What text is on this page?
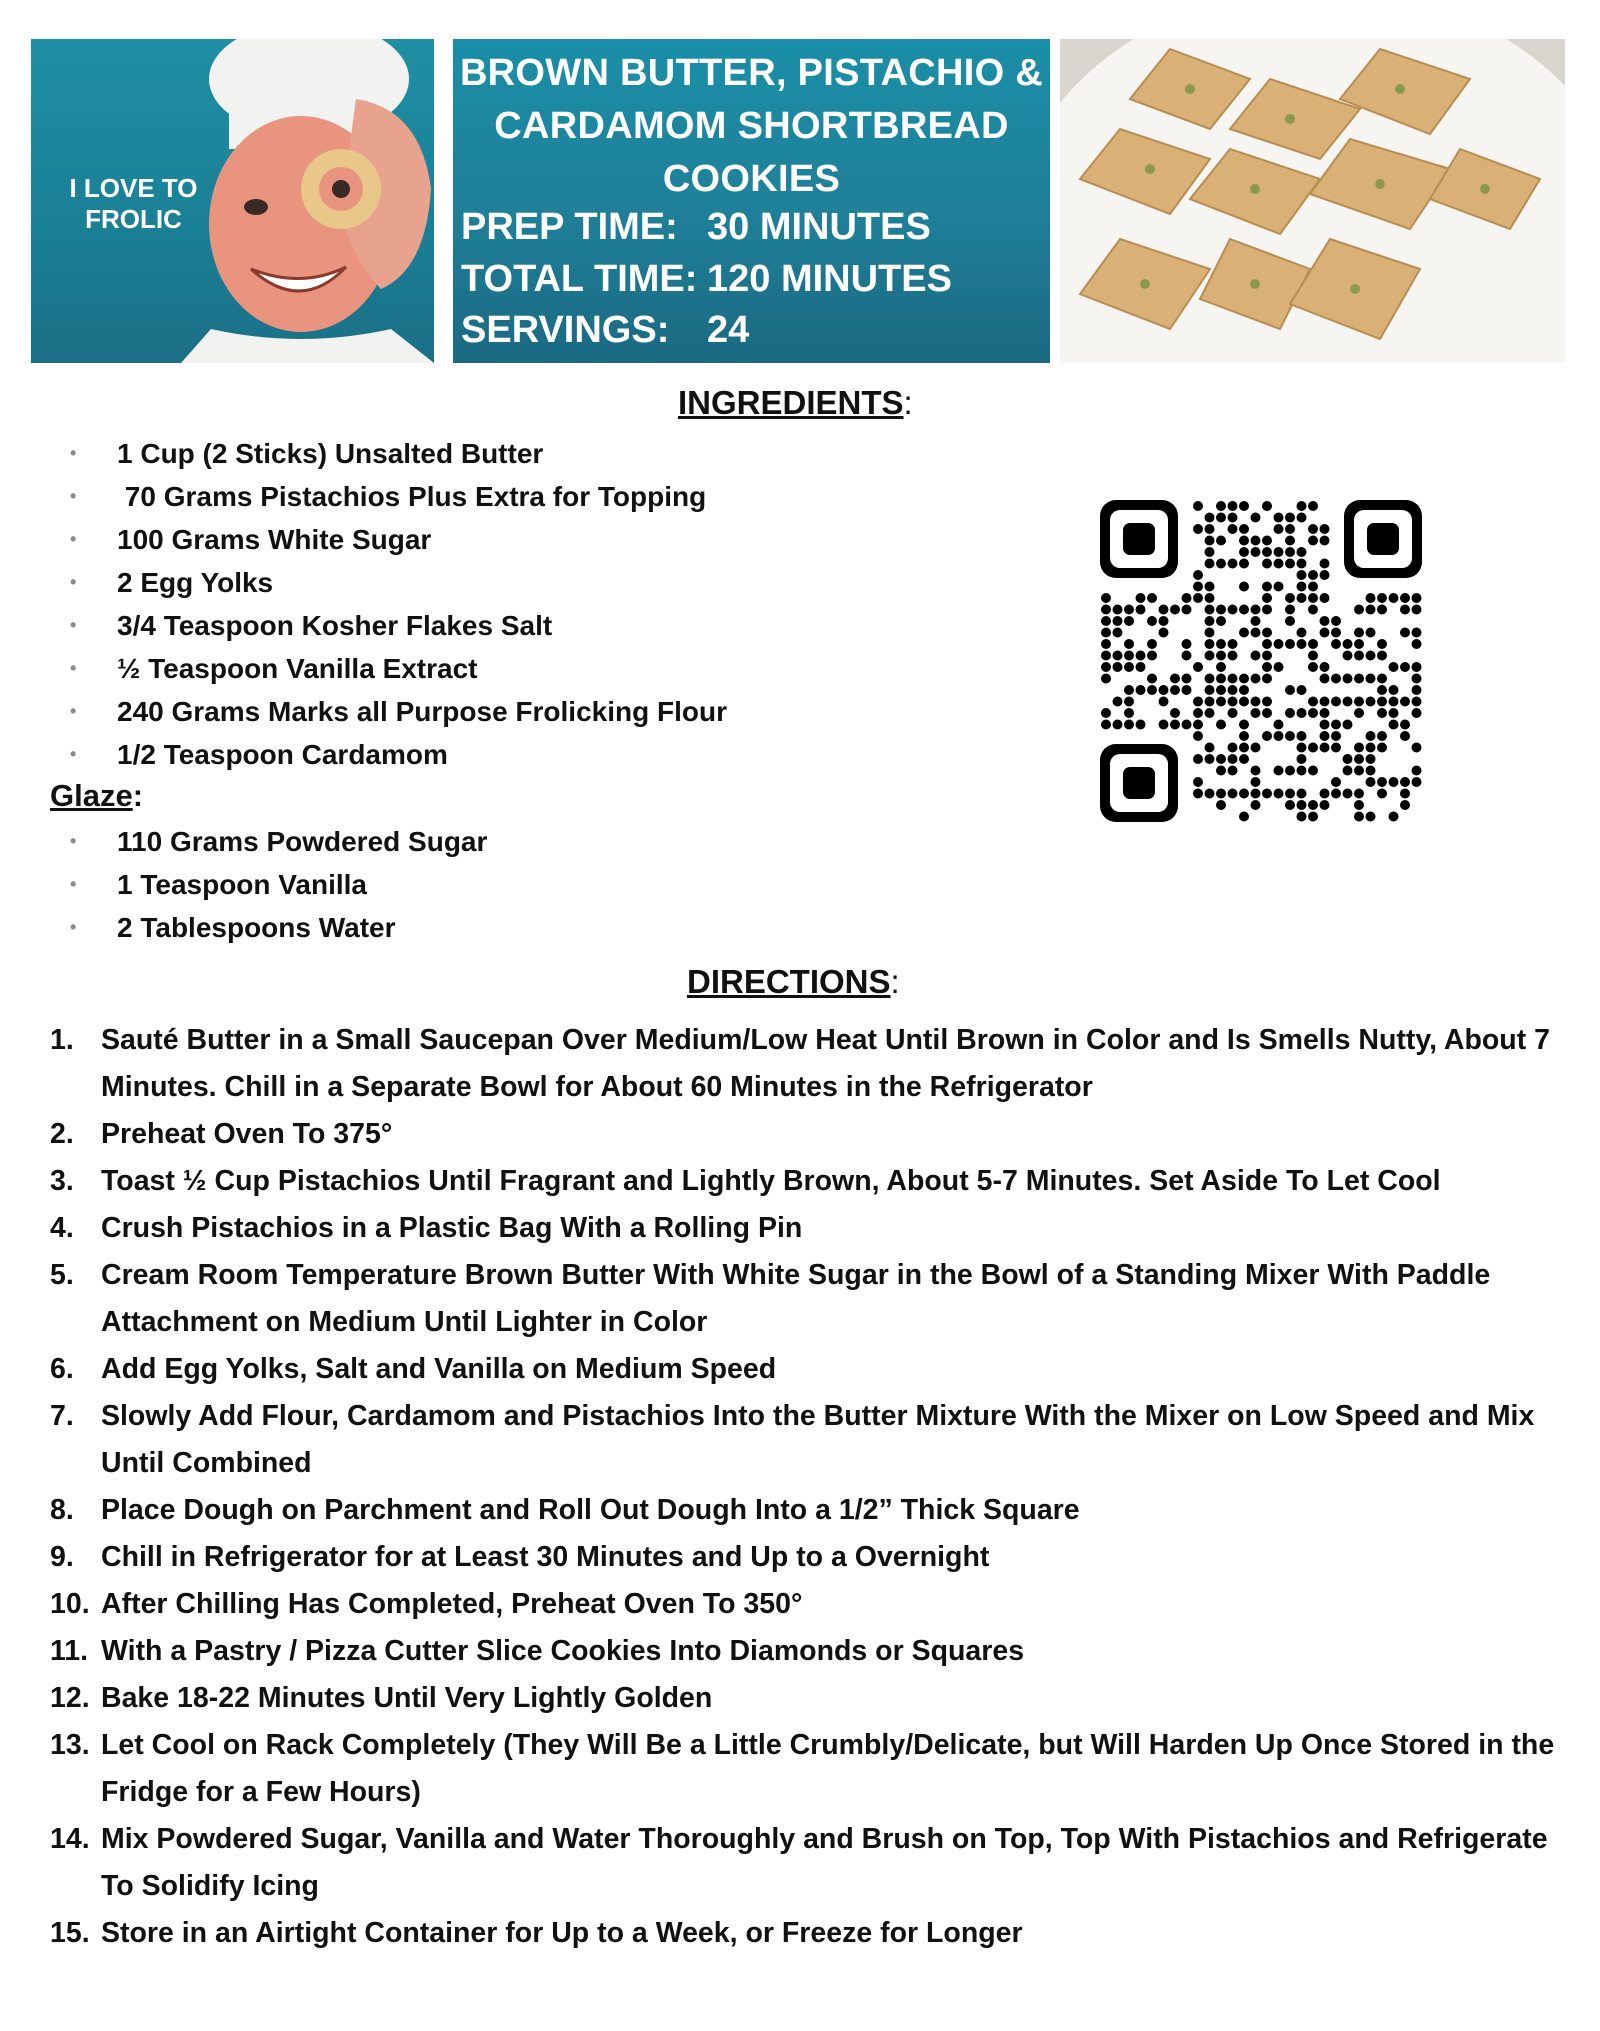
I LOVE TO FROLIC
BROWN BUTTER, PISTACHIO & CARDAMOM SHORTBREAD COOKIES
PREP TIME: 30 MINUTES
TOTAL TIME: 120 MINUTES
SERVINGS: 24
INGREDIENTS:
• 1 Cup (2 Sticks) Unsalted Butter
• 70 Grams Pistachios Plus Extra for Topping
• 100 Grams White Sugar
• 2 Egg Yolks
• 3/4 Teaspoon Kosher Flakes Salt
• ½ Teaspoon Vanilla Extract
• 240 Grams Marks all Purpose Frolicking Flour
• 1/2 Teaspoon Cardamom
Glaze:
• 110 Grams Powdered Sugar
• 1 Teaspoon Vanilla
• 2 Tablespoons Water
DIRECTIONS:
1. Sauté Butter in a Small Saucepan Over Medium/Low Heat Until Brown in Color and Is Smells Nutty, About 7 Minutes. Chill in a Separate Bowl for About 60 Minutes in the Refrigerator
2. Preheat Oven To 375°
3. Toast ½ Cup Pistachios Until Fragrant and Lightly Brown, About 5-7 Minutes. Set Aside To Let Cool
4. Crush Pistachios in a Plastic Bag With a Rolling Pin
5. Cream Room Temperature Brown Butter With White Sugar in the Bowl of a Standing Mixer With Paddle Attachment on Medium Until Lighter in Color
6. Add Egg Yolks, Salt and Vanilla on Medium Speed
7. Slowly Add Flour, Cardamom and Pistachios Into the Butter Mixture With the Mixer on Low Speed and Mix Until Combined
8. Place Dough on Parchment and Roll Out Dough Into a 1/2” Thick Square
9. Chill in Refrigerator for at Least 30 Minutes and Up to a Overnight
10. After Chilling Has Completed, Preheat Oven To 350°
11. With a Pastry / Pizza Cutter Slice Cookies Into Diamonds or Squares
12. Bake 18-22 Minutes Until Very Lightly Golden
13. Let Cool on Rack Completely (They Will Be a Little Crumbly/Delicate, but Will Harden Up Once Stored in the Fridge for a Few Hours)
14. Mix Powdered Sugar, Vanilla and Water Thoroughly and Brush on Top, Top With Pistachios and Refrigerate To Solidify Icing
15. Store in an Airtight Container for Up to a Week, or Freeze for Longer
